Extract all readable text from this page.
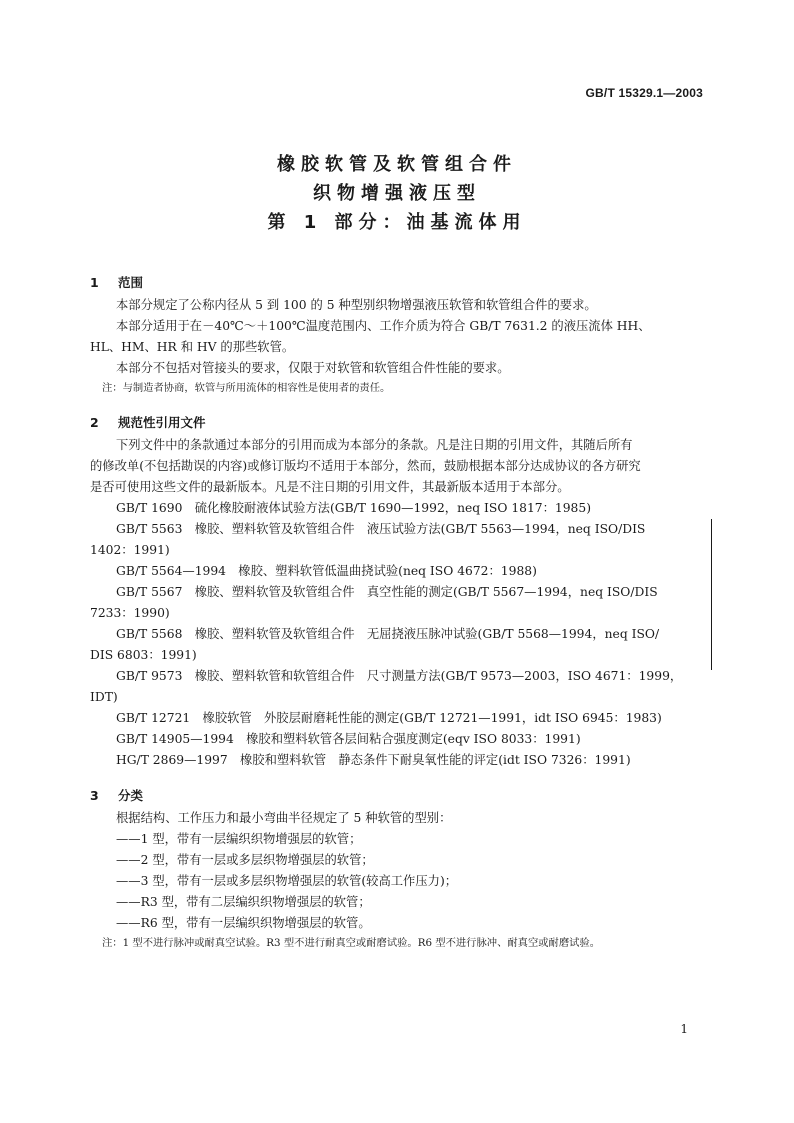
GB/T 15329.1—2003
橡胶软管及软管组合件
织物增强液压型
第 1 部分：油基流体用
1 范围
本部分规定了公称内径从 5 到 100 的 5 种型别织物增强液压软管和软管组合件的要求。
本部分适用于在－40℃～＋100℃温度范围内、工作介质为符合 GB/T 7631.2 的液压流体 HH、
HL、HM、HR 和 HV 的那些软管。
本部分不包括对管接头的要求，仅限于对软管和软管组合件性能的要求。
注：与制造者协商，软管与所用流体的相容性是使用者的责任。
2 规范性引用文件
下列文件中的条款通过本部分的引用而成为本部分的条款。凡是注日期的引用文件，其随后所有
的修改单(不包括勘误的内容)或修订版均不适用于本部分，然而，鼓励根据本部分达成协议的各方研究
是否可使用这些文件的最新版本。凡是不注日期的引用文件，其最新版本适用于本部分。
GB/T 1690　硫化橡胶耐液体试验方法(GB/T 1690—1992，neq ISO 1817：1985)
GB/T 5563　橡胶、塑料软管及软管组合件　液压试验方法(GB/T 5563—1994，neq ISO/DIS
1402：1991)
GB/T 5564—1994　橡胶、塑料软管低温曲挠试验(neq ISO 4672：1988)
GB/T 5567　橡胶、塑料软管及软管组合件　真空性能的测定(GB/T 5567—1994，neq ISO/DIS
7233：1990)
GB/T 5568　橡胶、塑料软管及软管组合件　无屈挠液压脉冲试验(GB/T 5568—1994，neq ISO/
DIS 6803：1991)
GB/T 9573　橡胶、塑料软管和软管组合件　尺寸测量方法(GB/T 9573—2003，ISO 4671：1999，
IDT)
GB/T 12721　橡胶软管　外胶层耐磨耗性能的测定(GB/T 12721—1991，idt ISO 6945：1983)
GB/T 14905—1994　橡胶和塑料软管各层间粘合强度测定(eqv ISO 8033：1991)
HG/T 2869—1997　橡胶和塑料软管　静态条件下耐臭氧性能的评定(idt ISO 7326：1991)
3 分类
根据结构、工作压力和最小弯曲半径规定了 5 种软管的型别：
——1 型，带有一层编织织物增强层的软管；
——2 型，带有一层或多层织物增强层的软管；
——3 型，带有一层或多层织物增强层的软管(较高工作压力)；
——R3 型，带有二层编织织物增强层的软管；
——R6 型，带有一层编织织物增强层的软管。
注：1 型不进行脉冲或耐真空试验。R3 型不进行耐真空或耐磨试验。R6 型不进行脉冲、耐真空或耐磨试验。
1
